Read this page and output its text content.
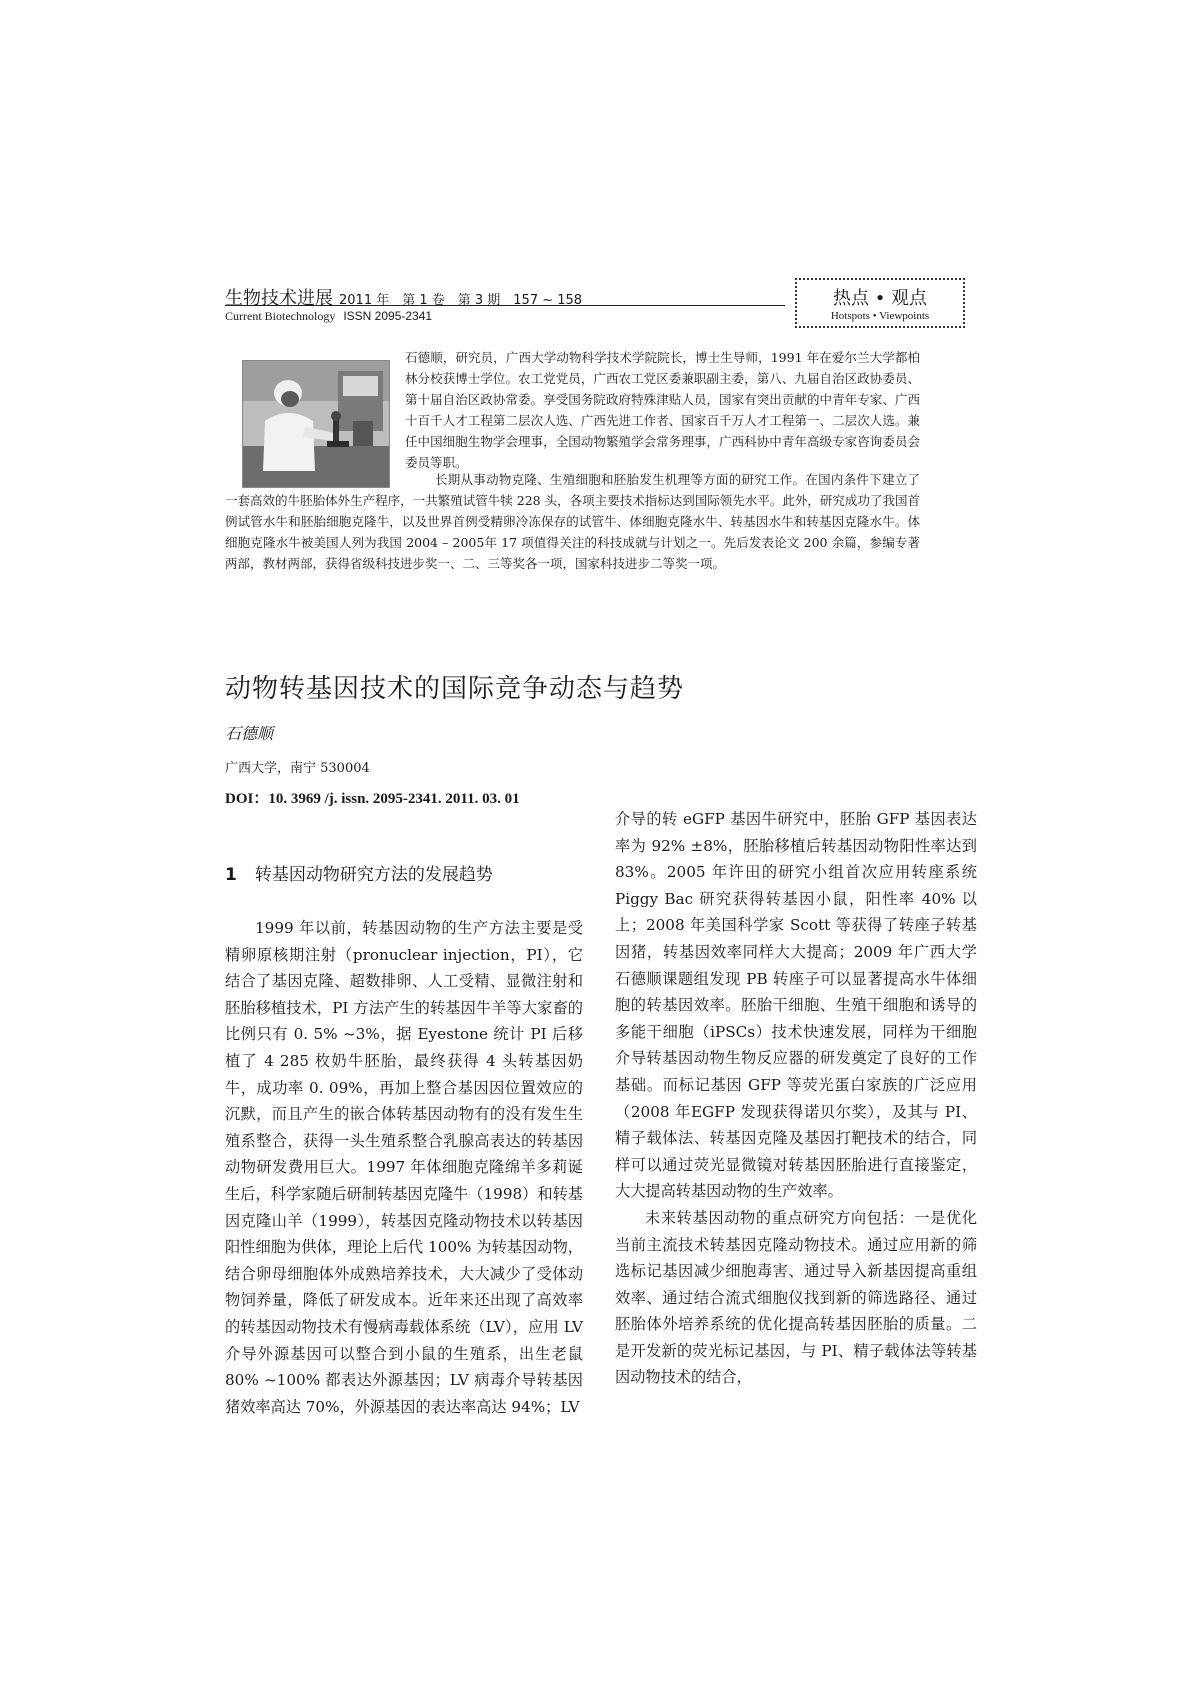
生物技术进展 2011 年　第 1 卷　第 3 期　157 ~ 158
Current Biotechnology ISSN 2095-2341
热点 • 观点
Hotspots • Viewpoints
石德顺，研究员，广西大学动物科学技术学院院长，博士生导师，1991 年在爱尔兰大学都柏林分校获博士学位。农工党党员，广西农工党区委兼职副主委，第八、九届自治区政协委员、第十届自治区政协常委。享受国务院政府特殊津贴人员，国家有突出贡献的中青年专家、广西十百千人才工程第二层次人选、广西先进工作者、国家百千万人才工程第一、二层次人选。兼任中国细胞生物学会理事，全国动物繁殖学会常务理事，广西科协中青年高级专家咨询委员会委员等职。

长期从事动物克隆、生殖细胞和胚胎发生机理等方面的研究工作。在国内条件下建立了一套高效的牛胚胎体外生产程序，一共繁殖试管牛犊 228 头，各项主要技术指标达到国际领先水平。此外，研究成功了我国首例试管水牛和胚胎细胞克隆牛，以及世界首例受精卵冷冻保存的试管牛、体细胞克隆水牛、转基因水牛和转基因克隆水牛。体细胞克隆水牛被美国人列为我国 2004 – 2005年 17 项值得关注的科技成就与计划之一。先后发表论文 200 余篇，参编专著两部，教材两部，获得省级科技进步奖一、二、三等奖各一项，国家科技进步二等奖一项。

动物转基因技术的国际竞争动态与趋势
石德顺
广西大学，南宁 530004
DOI：10. 3969 /j. issn. 2095-2341. 2011. 03. 01
1 转基因动物研究方法的发展趋势

1999 年以前，转基因动物的生产方法主要是受精卵原核期注射（pronuclear injection，PI），它结合了基因克隆、超数排卵、人工受精、显微注射和胚胎移植技术，PI 方法产生的转基因牛羊等大家畜的比例只有 0. 5% ~3%，据 Eyestone 统计 PI 后移植了 4 285 枚奶牛胚胎，最终获得 4 头转基因奶牛，成功率 0. 09%，再加上整合基因因位置效应的沉默，而且产生的嵌合体转基因动物有的没有发生生殖系整合，获得一头生殖系整合乳腺高表达的转基因动物研发费用巨大。1997 年体细胞克隆绵羊多莉诞生后，科学家随后研制转基因克隆牛（1998）和转基因克隆山羊（1999），转基因克隆动物技术以转基因阳性细胞为供体，理论上后代 100% 为转基因动物，结合卵母细胞体外成熟培养技术，大大减少了受体动物饲养量，降低了研发成本。近年来还出现了高效率的转基因动物技术有慢病毒载体系统（LV），应用 LV 介导外源基因可以整合到小鼠的生殖系，出生老鼠 80% ~100% 都表达外源基因；LV 病毒介导转基因猪效率高达 70%，外源基因的表达率高达 94%；LV

介导的转 eGFP 基因牛研究中，胚胎 GFP 基因表达率为 92% ±8%，胚胎移植后转基因动物阳性率达到 83%。2005 年许田的研究小组首次应用转座系统 Piggy Bac 研究获得转基因小鼠，阳性率 40% 以上；2008 年美国科学家 Scott 等获得了转座子转基因猪，转基因效率同样大大提高；2009 年广西大学石德顺课题组发现 PB 转座子可以显著提高水牛体细胞的转基因效率。胚胎干细胞、生殖干细胞和诱导的多能干细胞（iPSCs）技术快速发展，同样为干细胞介导转基因动物生物反应器的研发奠定了良好的工作基础。而标记基因 GFP 等荧光蛋白家族的广泛应用（2008 年EGFP 发现获得诺贝尔奖），及其与 PI、精子载体法、转基因克隆及基因打靶技术的结合，同样可以通过荧光显微镜对转基因胚胎进行直接鉴定，大大提高转基因动物的生产效率。

未来转基因动物的重点研究方向包括：一是优化当前主流技术转基因克隆动物技术。通过应用新的筛选标记基因减少细胞毒害、通过导入新基因提高重组效率、通过结合流式细胞仪找到新的筛选路径、通过胚胎体外培养系统的优化提高转基因胚胎的质量。二是开发新的荧光标记基因，与 PI、精子载体法等转基因动物技术的结合，
